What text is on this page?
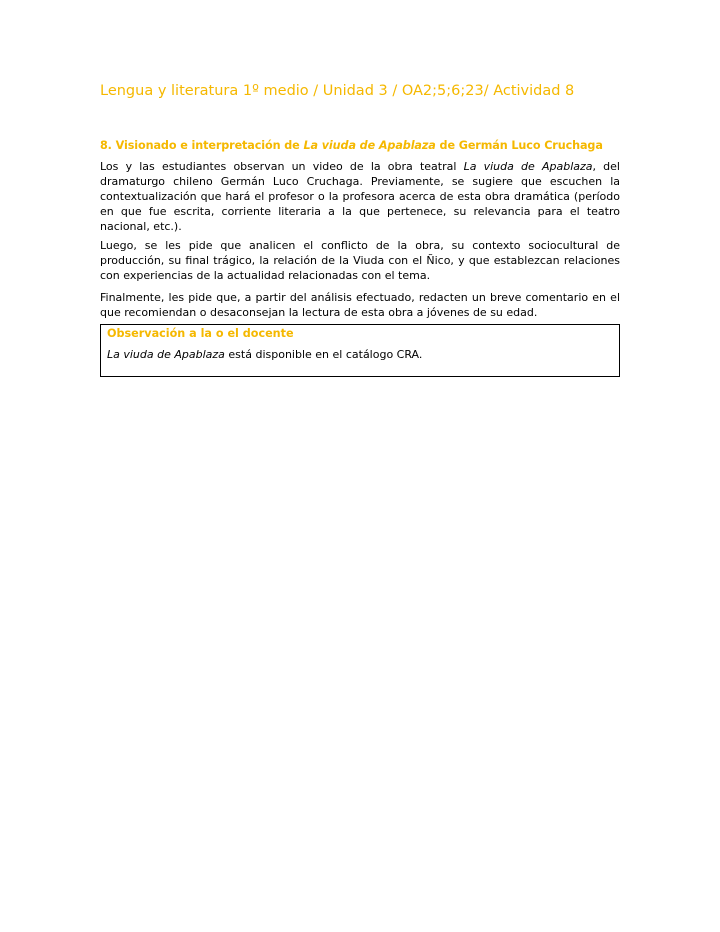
Lengua y literatura 1º medio / Unidad 3 / OA2;5;6;23/ Actividad 8
8. Visionado e interpretación de La viuda de Apablaza de Germán Luco Cruchaga

Los y las estudiantes observan un video de la obra teatral La viuda de Apablaza, del dramaturgo chileno Germán Luco Cruchaga. Previamente, se sugiere que escuchen la contextualización que hará el profesor o la profesora acerca de esta obra dramática (período en que fue escrita, corriente literaria a la que pertenece, su relevancia para el teatro nacional, etc.).

Luego, se les pide que analicen el conflicto de la obra, su contexto sociocultural de producción, su final trágico, la relación de la Viuda con el Ñico, y que establezcan relaciones con experiencias de la actualidad relacionadas con el tema.

Finalmente, les pide que, a partir del análisis efectuado, redacten un breve comentario en el que recomiendan o desaconsejan la lectura de esta obra a jóvenes de su edad.

Observación a la o el docente
La viuda de Apablaza está disponible en el catálogo CRA.
